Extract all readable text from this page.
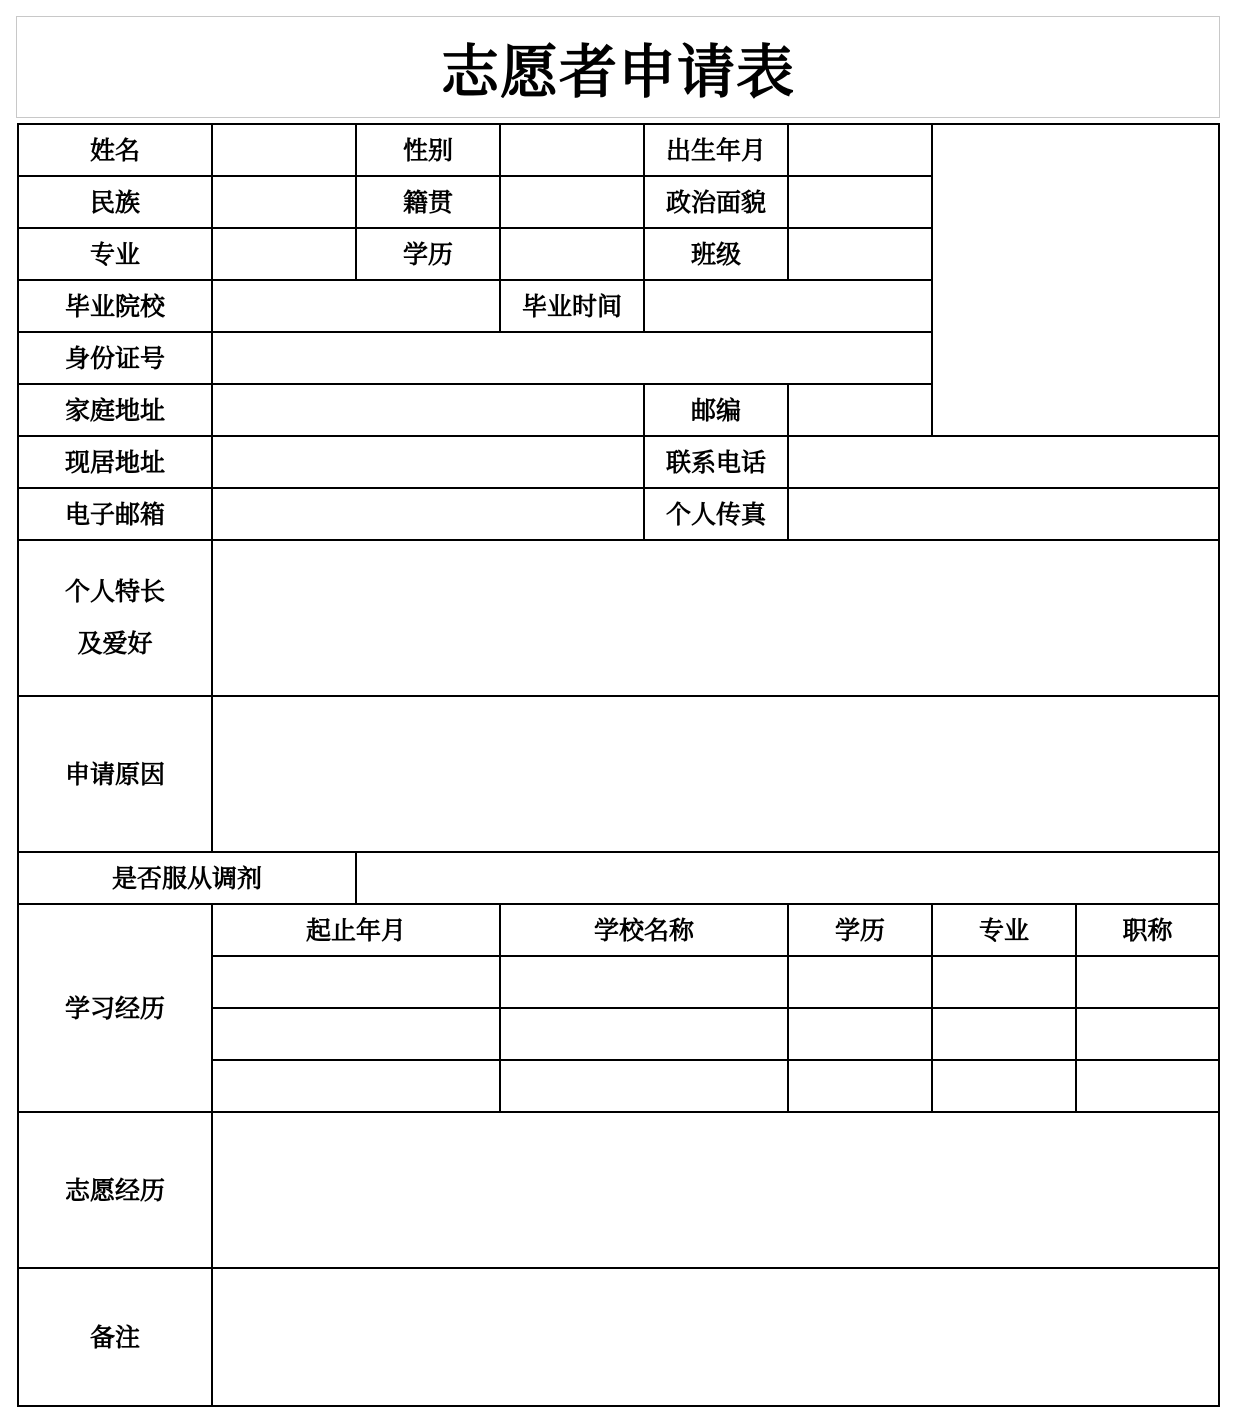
志愿者申请表
姓名		性别		出生年月			
民族		籍贯		政治面貌			
专业		学历		班级			
毕业院校			毕业时间				
身份证号							
家庭地址				邮编			
现居地址				联系电话			
电子邮箱				个人传真			

个人特长
及爱好							

申请原因							
是否服从调剂							
学习经历	起止年月		学校名称		学历	专业	职称

志愿经历							
备注							
